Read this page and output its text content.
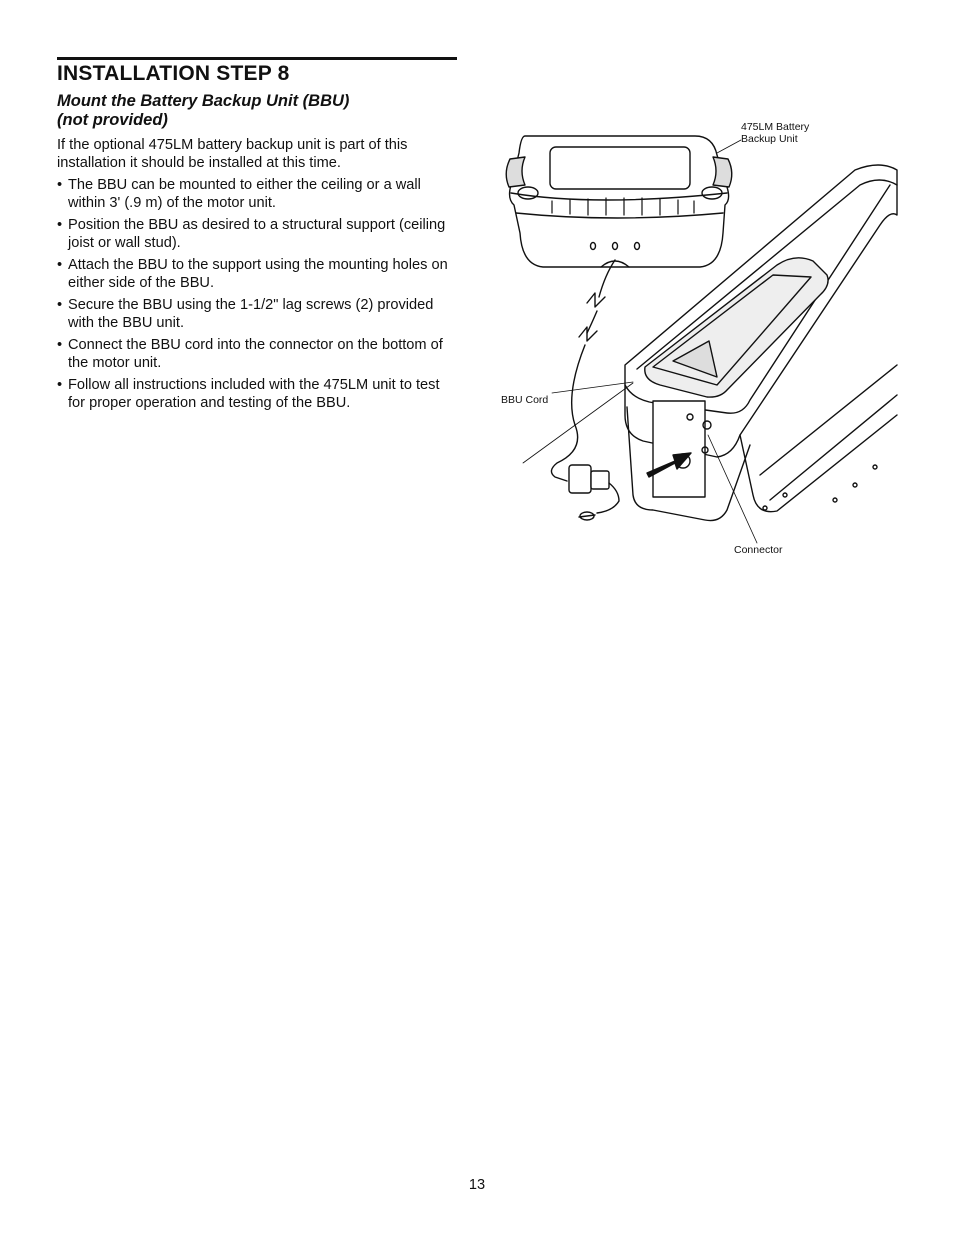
INSTALLATION STEP 8
Mount the Battery Backup Unit (BBU)
(not provided)

If the optional 475LM battery backup unit is part of this installation it should be installed at this time.

• The BBU can be mounted to either the ceiling or a wall within 3' (.9 m) of the motor unit.
• Position the BBU as desired to a structural support (ceiling joist or wall stud).
• Attach the BBU to the support using the mounting holes on either side of the BBU.
• Secure the BBU using the 1-1/2" lag screws (2) provided with the BBU unit.
• Connect the BBU cord into the connector on the bottom of the motor unit.
• Follow all instructions included with the 475LM unit to test for proper operation and testing of the BBU.
475LM Battery
Backup Unit
BBU Cord
Connector
13
